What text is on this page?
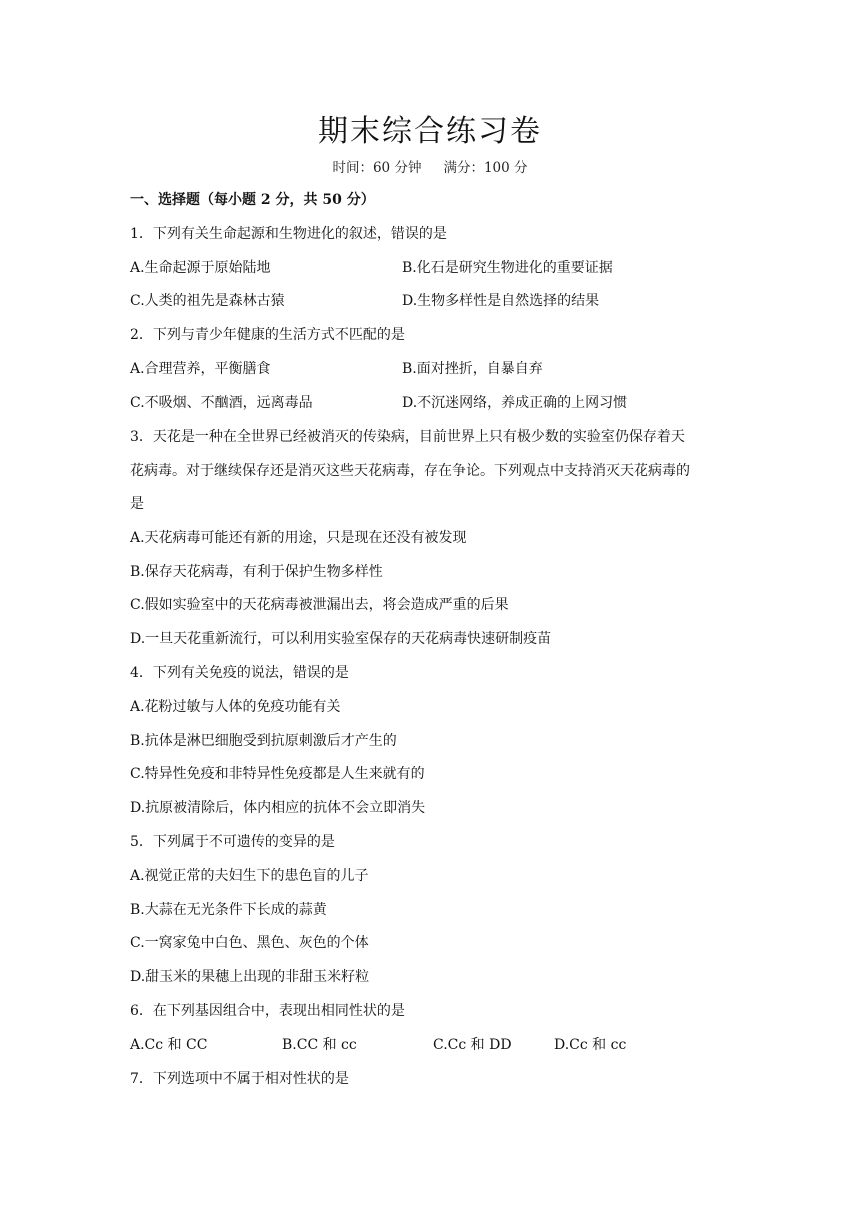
期末综合练习卷
时间：60 分钟 满分：100 分
一、选择题（每小题 2 分，共 50 分）
1．下列有关生命起源和生物进化的叙述，错误的是
A.生命起源于原始陆地	B.化石是研究生物进化的重要证据
C.人类的祖先是森林古猿	D.生物多样性是自然选择的结果
2．下列与青少年健康的生活方式不匹配的是
A.合理营养，平衡膳食	B.面对挫折，自暴自弃
C.不吸烟、不酗酒，远离毒品	D.不沉迷网络，养成正确的上网习惯
3．天花是一种在全世界已经被消灭的传染病，目前世界上只有极少数的实验室仍保存着天
花病毒。对于继续保存还是消灭这些天花病毒，存在争论。下列观点中支持消灭天花病毒的
是
A.天花病毒可能还有新的用途，只是现在还没有被发现
B.保存天花病毒，有利于保护生物多样性
C.假如实验室中的天花病毒被泄漏出去，将会造成严重的后果
D.一旦天花重新流行，可以利用实验室保存的天花病毒快速研制疫苗
4．下列有关免疫的说法，错误的是
A.花粉过敏与人体的免疫功能有关
B.抗体是淋巴细胞受到抗原刺激后才产生的
C.特异性免疫和非特异性免疫都是人生来就有的
D.抗原被清除后，体内相应的抗体不会立即消失
5．下列属于不可遗传的变异的是
A.视觉正常的夫妇生下的患色盲的儿子
B.大蒜在无光条件下长成的蒜黄
C.一窝家兔中白色、黑色、灰色的个体
D.甜玉米的果穗上出现的非甜玉米籽粒
6．在下列基因组合中，表现出相同性状的是
A.Cc 和 CC	B.CC 和 cc	C.Cc 和 DD	D.Cc 和 cc
7．下列选项中不属于相对性状的是
